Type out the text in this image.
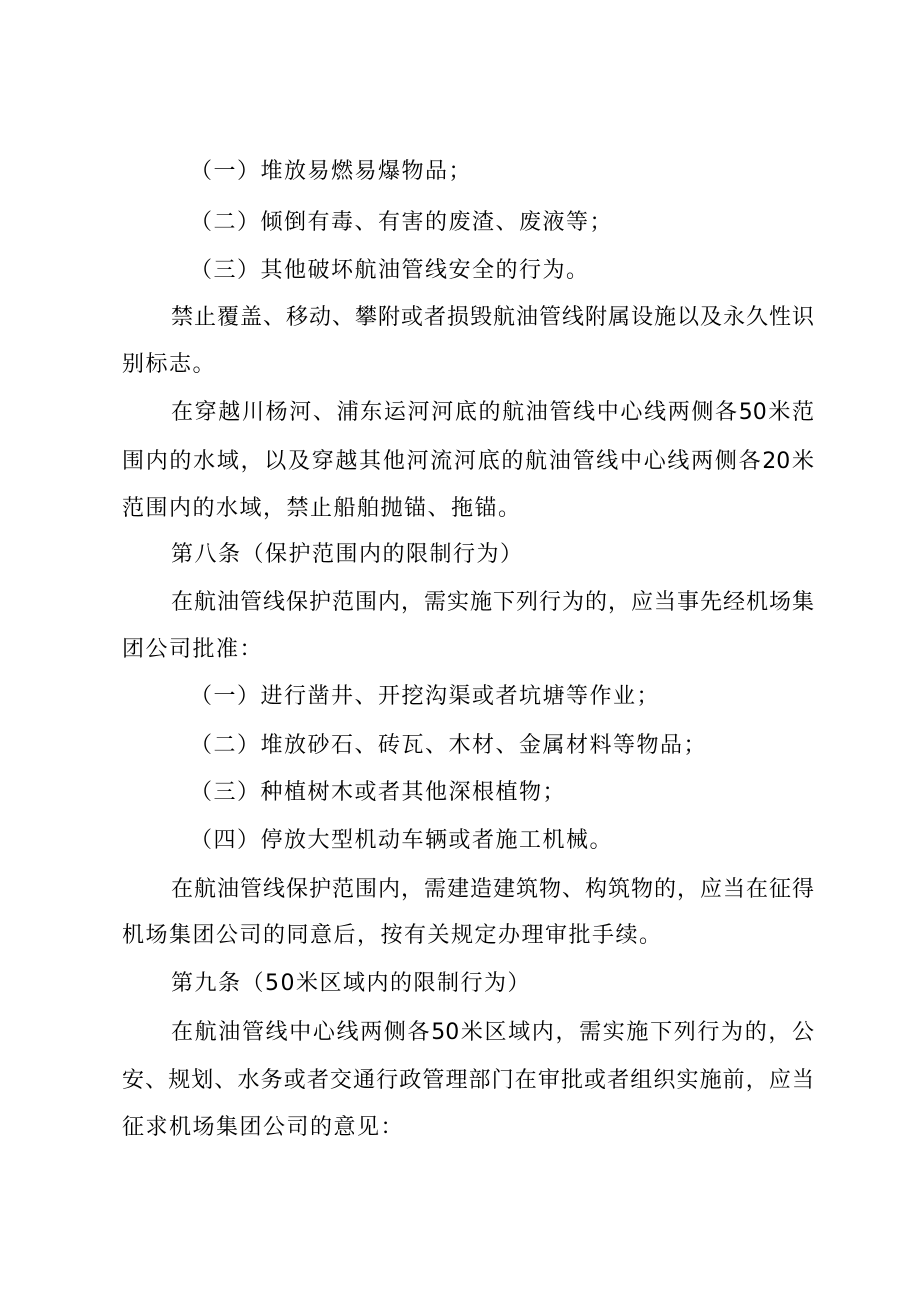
（一）堆放易燃易爆物品；
（二）倾倒有毒、有害的废渣、废液等；
（三）其他破坏航油管线安全的行为。
禁止覆盖、移动、攀附或者损毁航油管线附属设施以及永久性识
别标志。
在穿越川杨河、浦东运河河底的航油管线中心线两侧各50米范
围内的水域，以及穿越其他河流河底的航油管线中心线两侧各20米
范围内的水域，禁止船舶抛锚、拖锚。
第八条（保护范围内的限制行为）
在航油管线保护范围内，需实施下列行为的，应当事先经机场集
团公司批准：
（一）进行凿井、开挖沟渠或者坑塘等作业；
（二）堆放砂石、砖瓦、木材、金属材料等物品；
（三）种植树木或者其他深根植物；
（四）停放大型机动车辆或者施工机械。
在航油管线保护范围内，需建造建筑物、构筑物的，应当在征得
机场集团公司的同意后，按有关规定办理审批手续。
第九条（50米区域内的限制行为）
在航油管线中心线两侧各50米区域内，需实施下列行为的，公
安、规划、水务或者交通行政管理部门在审批或者组织实施前，应当
征求机场集团公司的意见：
